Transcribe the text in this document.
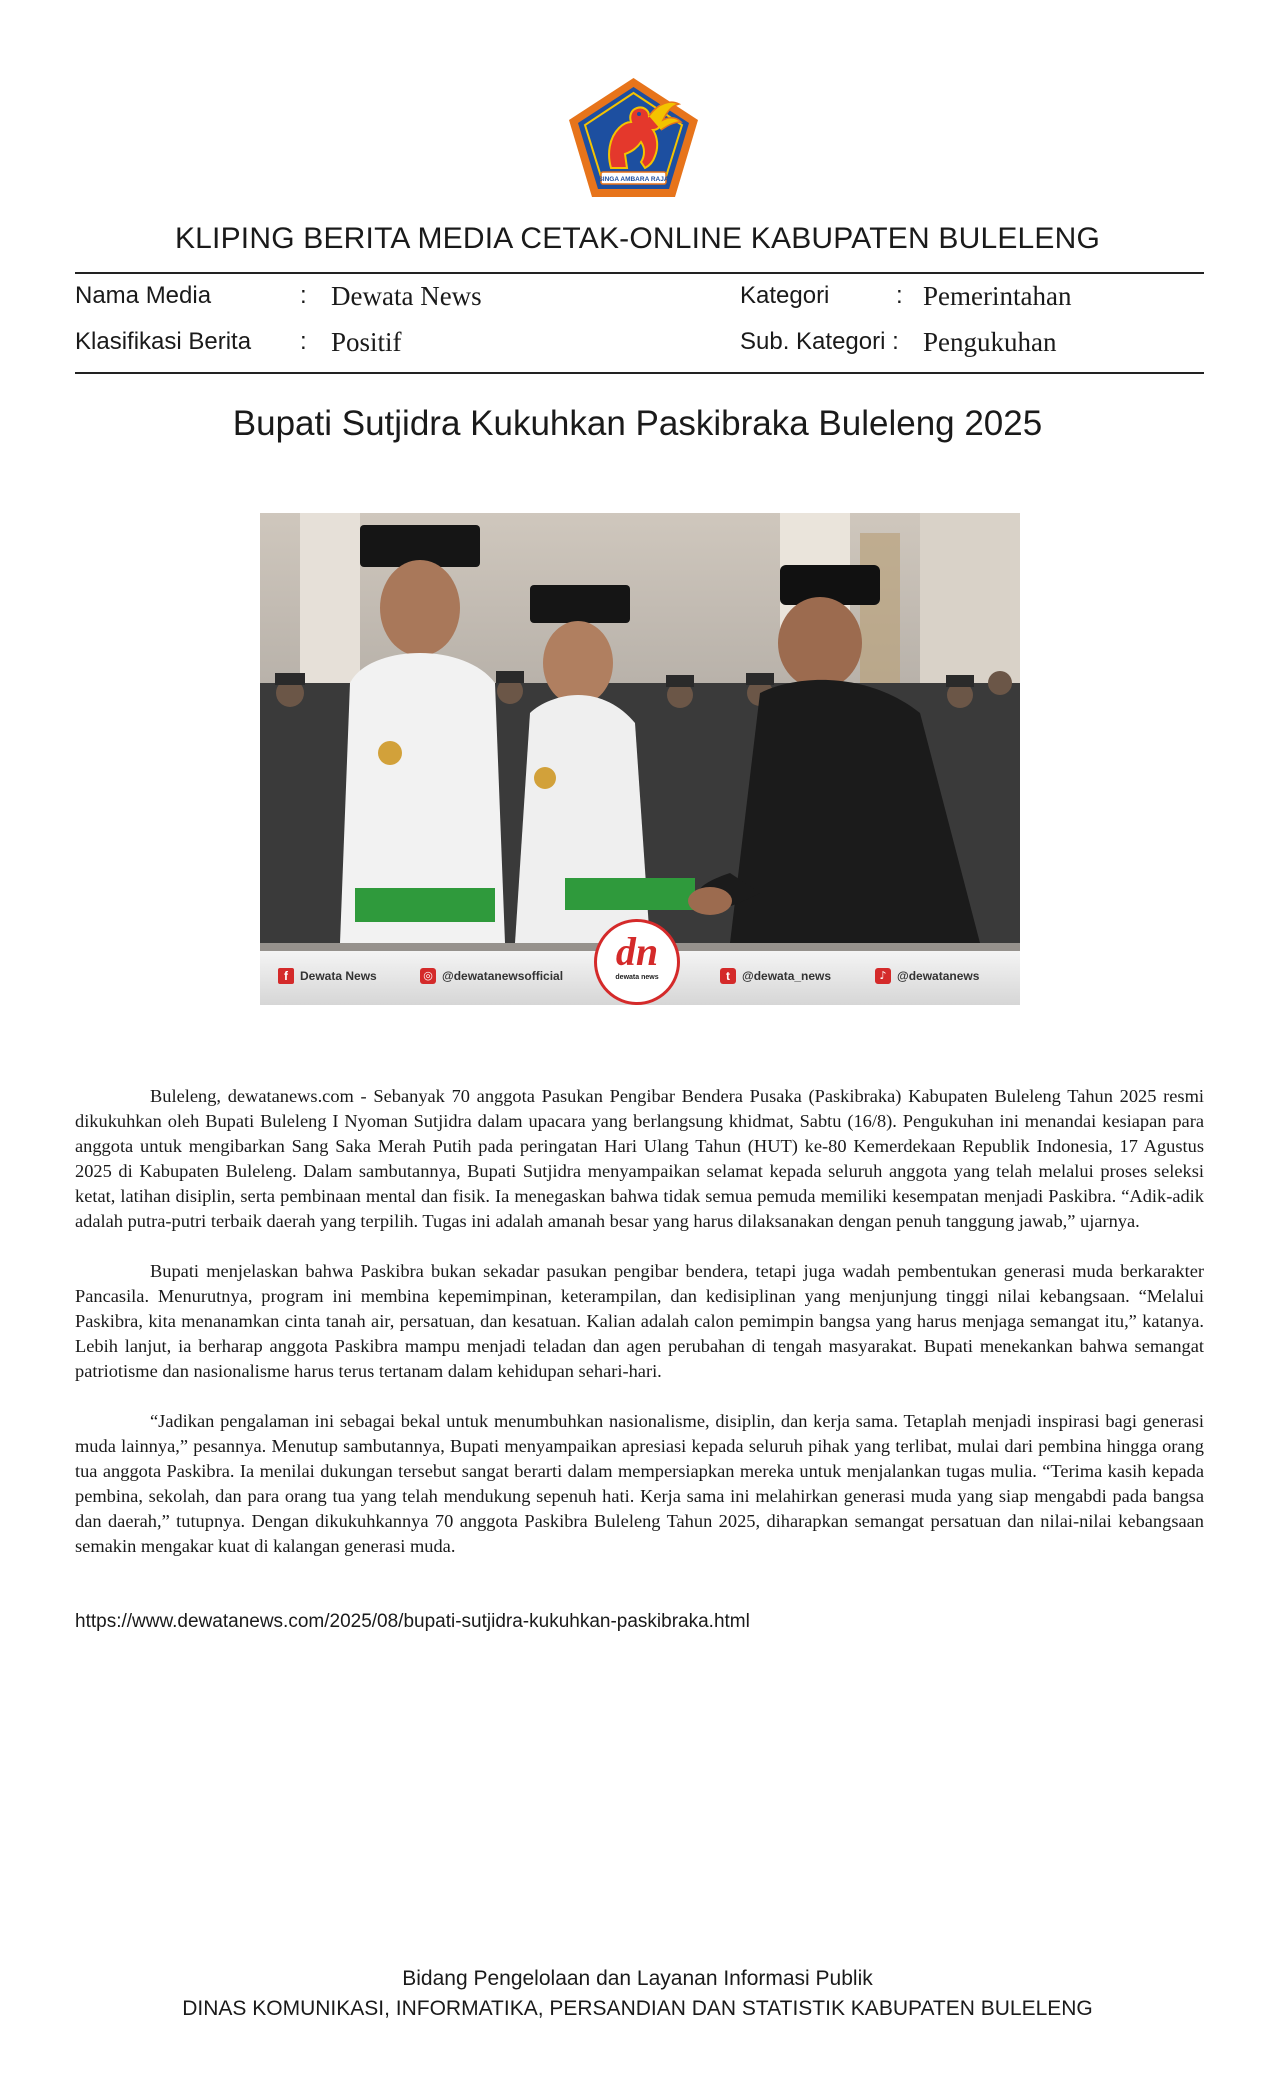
SINGA AMBARA RAJA
KLIPING BERITA MEDIA CETAK-ONLINE KABUPATEN BULELENG
Nama Media	: Dewata News
Klasifikasi Berita : Positif
Kategori	: Pemerintahan
Sub. Kategori : Pengukuhan
Bupati Sutjidra Kukuhkan Paskibraka Buleleng 2025
f	Dewata News	◎ @dewatanewsofficial
dn
dewata news	t	@dewata_news	♪ @dewatanews

Buleleng, dewatanews.com - Sebanyak 70 anggota Pasukan Pengibar Bendera Pusaka (Paskibraka) Kabupaten Buleleng Tahun 2025 resmi dikukuhkan oleh Bupati Buleleng I Nyoman Sutjidra dalam upacara yang berlangsung khidmat, Sabtu (16/8). Pengukuhan ini menandai kesiapan para anggota untuk mengibarkan Sang Saka Merah Putih pada peringatan Hari Ulang Tahun (HUT) ke-80 Kemerdekaan Republik Indonesia, 17 Agustus 2025 di Kabupaten Buleleng. Dalam sambutannya, Bupati Sutjidra menyampaikan selamat kepada seluruh anggota yang telah melalui proses seleksi ketat, latihan disiplin, serta pembinaan mental dan fisik. Ia menegaskan bahwa tidak semua pemuda memiliki kesempatan menjadi Paskibra. “Adik-adik adalah putra-putri terbaik daerah yang terpilih. Tugas ini adalah amanah besar yang harus dilaksanakan dengan penuh tanggung jawab,” ujarnya.

Bupati menjelaskan bahwa Paskibra bukan sekadar pasukan pengibar bendera, tetapi juga wadah pembentukan generasi muda berkarakter Pancasila. Menurutnya, program ini membina kepemimpinan, keterampilan, dan kedisiplinan yang menjunjung tinggi nilai kebangsaan. “Melalui Paskibra, kita menanamkan cinta tanah air, persatuan, dan kesatuan. Kalian adalah calon pemimpin bangsa yang harus menjaga semangat itu,” katanya. Lebih lanjut, ia berharap anggota Paskibra mampu menjadi teladan dan agen perubahan di tengah masyarakat. Bupati menekankan bahwa semangat patriotisme dan nasionalisme harus terus tertanam dalam kehidupan sehari-hari.

“Jadikan pengalaman ini sebagai bekal untuk menumbuhkan nasionalisme, disiplin, dan kerja sama. Tetaplah menjadi inspirasi bagi generasi muda lainnya,” pesannya. Menutup sambutannya, Bupati menyampaikan apresiasi kepada seluruh pihak yang terlibat, mulai dari pembina hingga orang tua anggota Paskibra. Ia menilai dukungan tersebut sangat berarti dalam mempersiapkan mereka untuk menjalankan tugas mulia. “Terima kasih kepada pembina, sekolah, dan para orang tua yang telah mendukung sepenuh hati. Kerja sama ini melahirkan generasi muda yang siap mengabdi pada bangsa dan daerah,” tutupnya. Dengan dikukuhkannya 70 anggota Paskibra Buleleng Tahun 2025, diharapkan semangat persatuan dan nilai-nilai kebangsaan semakin mengakar kuat di kalangan generasi muda.

https://www.dewatanews.com/2025/08/bupati-sutjidra-kukuhkan-paskibraka.html
Bidang Pengelolaan dan Layanan Informasi Publik
DINAS KOMUNIKASI, INFORMATIKA, PERSANDIAN DAN STATISTIK KABUPATEN BULELENG
